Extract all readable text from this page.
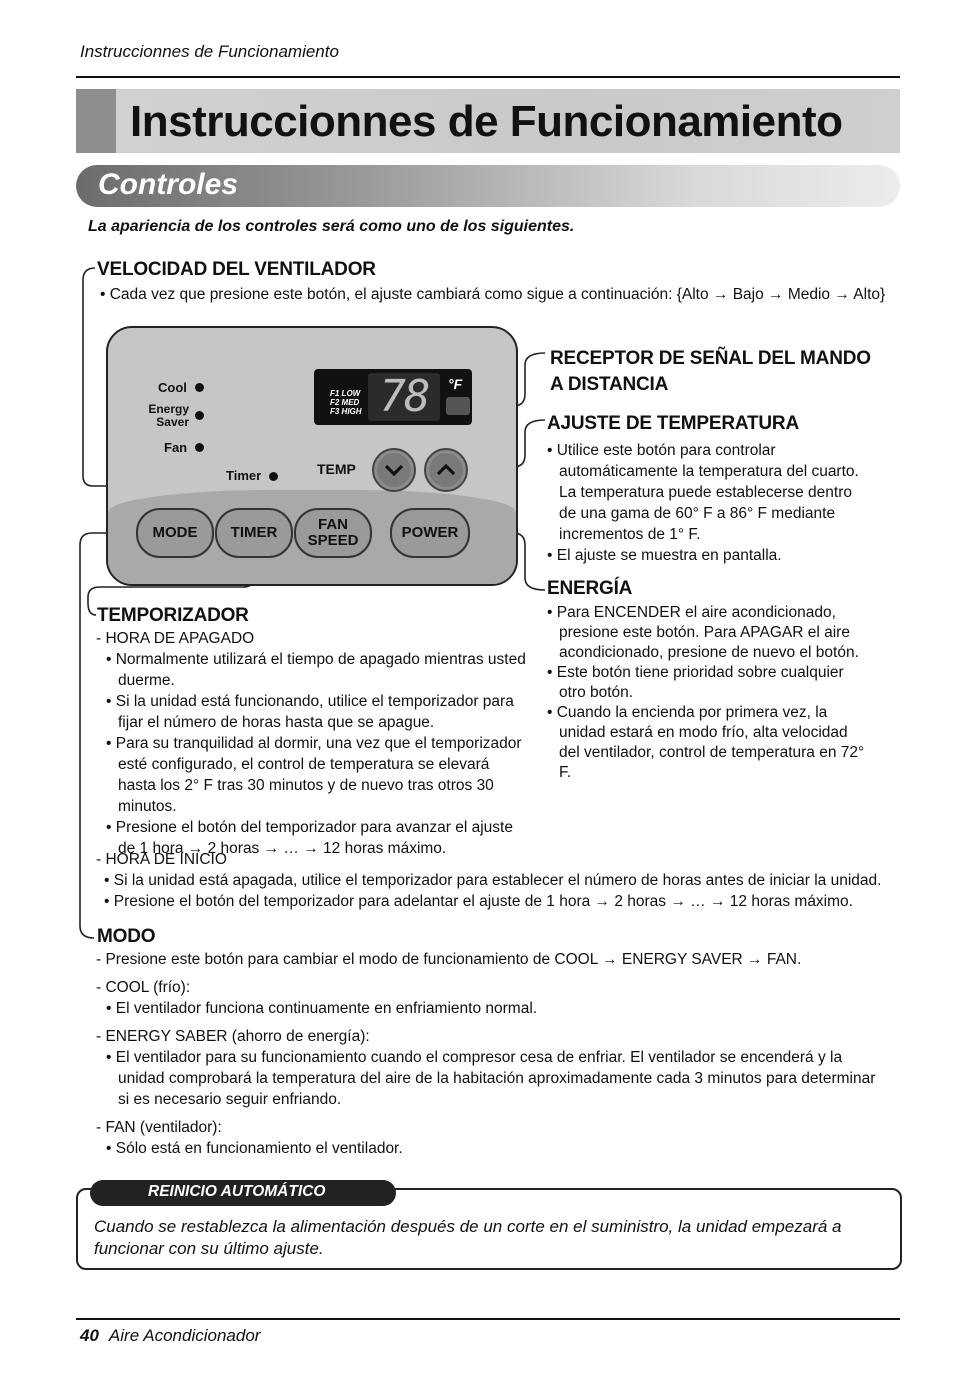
Instruccionnes de Funcionamiento
Instruccionnes de Funcionamiento
Controles
La apariencia de los controles será como uno de los siguientes.
VELOCIDAD DEL VENTILADOR
• Cada vez que presione este botón, el ajuste cambiará como sigue a continuación: {Alto → Bajo → Medio → Alto}
Cool
Energy
Saver
Fan
Timer
F1 LOW
F2 MED
F3 HIGH 78	°F
TEMP
MODE	TIMER	FAN
SPEED	POWER
RECEPTOR DE SEÑAL DEL MANDO
A DISTANCIA
AJUSTE DE TEMPERATURA

• Utilice este botón para controlar automáticamente la temperatura del cuarto. La temperatura puede establecerse dentro de una gama de 60° F a 86° F mediante incrementos de 1° F.

• El ajuste se muestra en pantalla.

ENERGÍA

• Para ENCENDER el aire acondicionado, presione este botón. Para APAGAR el aire acondicionado, presione de nuevo el botón.

• Este botón tiene prioridad sobre cualquier otro botón.

• Cuando la encienda por primera vez, la unidad estará en modo frío, alta velocidad del ventilador, control de temperatura en 72° F.

TEMPORIZADOR

- HORA DE APAGADO

• Normalmente utilizará el tiempo de apagado mientras usted duerme.

• Si la unidad está funcionando, utilice el temporizador para fijar el número de horas hasta que se apague.

• Para su tranquilidad al dormir, una vez que el temporizador esté configurado, el control de temperatura se elevará hasta los 2° F tras 30 minutos y de nuevo tras otros 30 minutos.

• Presione el botón del temporizador para avanzar el ajuste de 1 hora → 2 horas → … → 12 horas máximo.

- HORA DE INICIO

• Si la unidad está apagada, utilice el temporizador para establecer el número de horas antes de iniciar la unidad.

• Presione el botón del temporizador para adelantar el ajuste de 1 hora → 2 horas → … → 12 horas máximo.

MODO

- Presione este botón para cambiar el modo de funcionamiento de COOL → ENERGY SAVER → FAN.

- COOL (frío):

• El ventilador funciona continuamente en enfriamiento normal.

- ENERGY SABER (ahorro de energía):

• El ventilador para su funcionamiento cuando el compresor cesa de enfriar. El ventilador se encenderá y la unidad comprobará la temperatura del aire de la habitación aproximadamente cada 3 minutos para determinar si es necesario seguir enfriando.

- FAN (ventilador):

• Sólo está en funcionamiento el ventilador.

REINICIO AUTOMÁTICO
Cuando se restablezca la alimentación después de un corte en el suministro, la unidad empezará a funcionar con su último ajuste.
40 Aire Acondicionador
